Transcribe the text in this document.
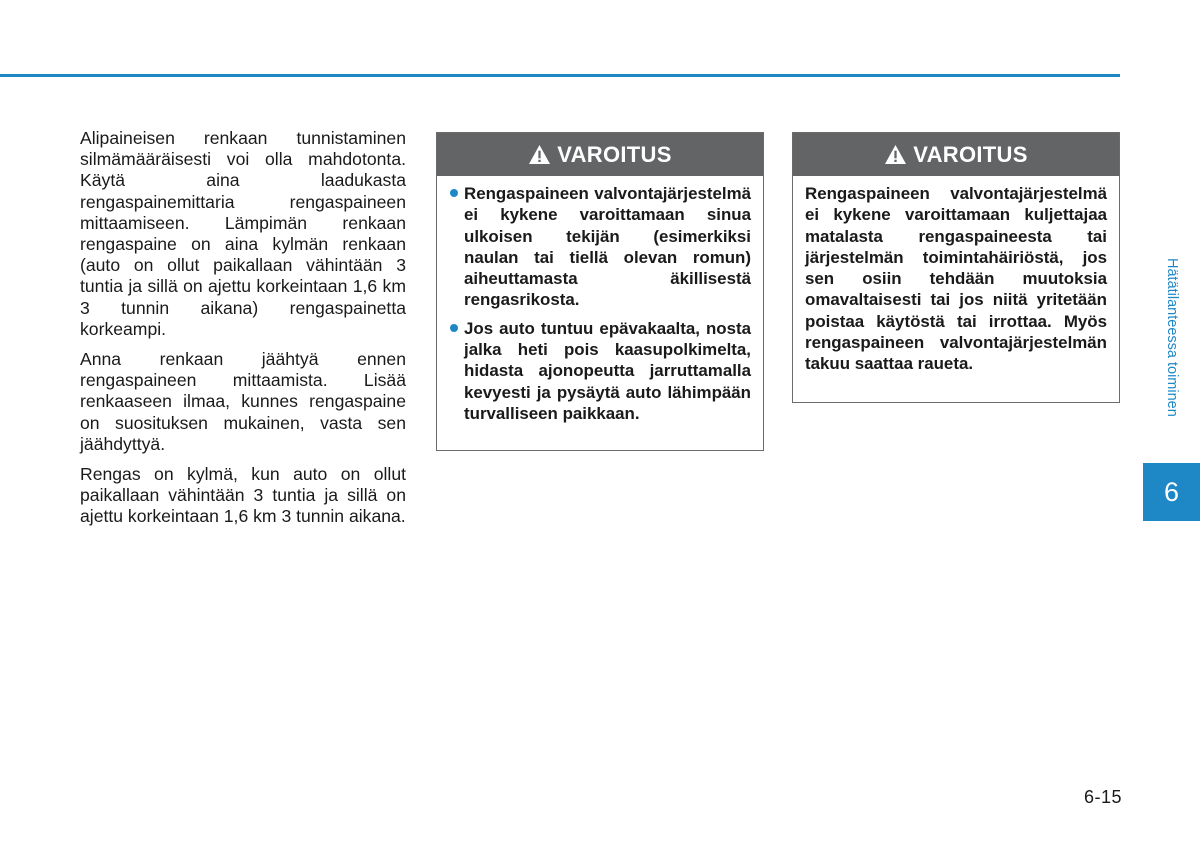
Alipaineisen renkaan tunnistaminen silmämääräisesti voi olla mahdotonta. Käytä aina laadukasta rengaspainemittaria rengaspaineen mittaamiseen. Lämpimän renkaan rengaspaine on aina kylmän renkaan (auto on ollut paikallaan vähintään 3 tuntia ja sillä on ajettu korkeintaan 1,6 km 3 tunnin aikana) rengaspainetta korkeampi.

Anna renkaan jäähtyä ennen rengaspaineen mittaamista. Lisää renkaaseen ilmaa, kunnes rengaspaine on suosituksen mukainen, vasta sen jäähdyttyä.

Rengas on kylmä, kun auto on ollut paikallaan vähintään 3 tuntia ja sillä on ajettu korkeintaan 1,6 km 3 tunnin aikana.

VAROITUS
Rengaspaineen valvontajärjestelmä ei kykene varoittamaan sinua ulkoisen tekijän (esimerkiksi naulan tai tiellä olevan romun) aiheuttamasta äkillisestä rengasrikosta.
Jos auto tuntuu epävakaalta, nosta jalka heti pois kaasupolkimelta, hidasta ajonopeutta jarruttamalla kevyesti ja pysäytä auto lähimpään turvalliseen paikkaan.
VAROITUS

Rengaspaineen valvontajärjestelmä ei kykene varoittamaan kuljettajaa matalasta rengaspaineesta tai järjestelmän toimintahäiriöstä, jos sen osiin tehdään muutoksia omavaltaisesti tai jos niitä yritetään poistaa käytöstä tai irrottaa. Myös rengaspaineen valvontajärjestelmän takuu saattaa raueta.	Hätätilanteessa toiminen
6
6-15
